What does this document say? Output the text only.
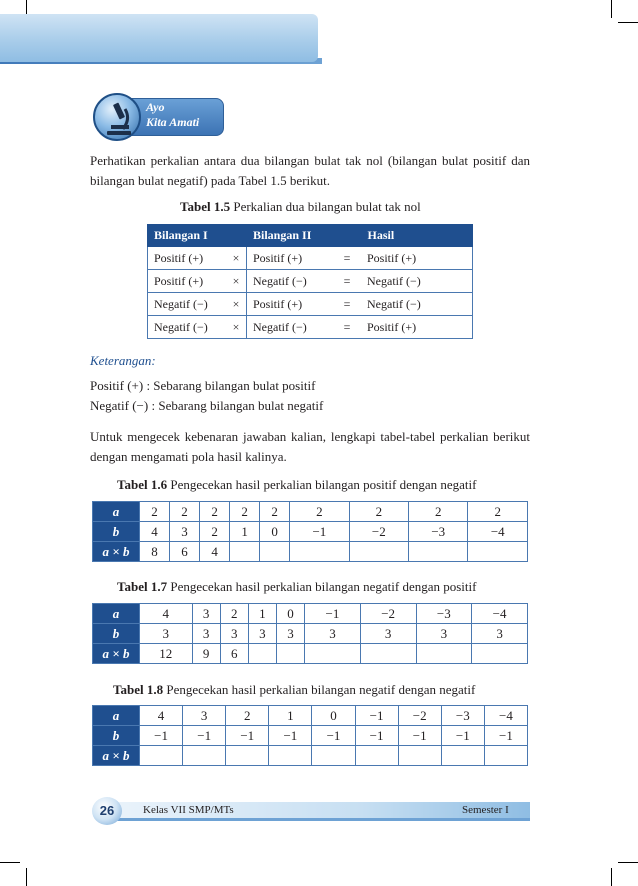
Ayo
Kita Amati
Perhatikan perkalian antara dua bilangan bulat tak nol (bilangan bulat positif dan bilangan bulat negatif) pada Tabel 1.5 berikut.
Tabel 1.5 Perkalian dua bilangan bulat tak nol
Bilangan I		Bilangan II		Hasil
Positif (+)	×	Positif (+)	=	Positif (+)
Positif (+)	×	Negatif (−)	=	Negatif (−)
Negatif (−)	×	Positif (+)	=	Negatif (−)
Negatif (−)	×	Negatif (−)	=	Positif (+)
Keterangan:
Positif (+) : Sebarang bilangan bulat positif
Negatif (−) : Sebarang bilangan bulat negatif
Untuk mengecek kebenaran jawaban kalian, lengkapi tabel-tabel perkalian berikut dengan mengamati pola hasil kalinya.
Tabel 1.6 Pengecekan hasil perkalian bilangan positif dengan negatif
a	2	2	2	2	2	2	2	2	2
b	4	3	2	1	0	−1	−2	−3	−4
a × b	8	6	4						
Tabel 1.7 Pengecekan hasil perkalian bilangan negatif dengan positif
a	4	3	2	1	0	−1	−2	−3	−4
b	3	3	3	3	3	3	3	3	3
a × b	12	9	6						
Tabel 1.8 Pengecekan hasil perkalian bilangan negatif dengan negatif
a	4	3	2	1	0	−1	−2	−3	−4
b	−1	−1	−1	−1	−1	−1	−1	−1	−1
a × b									
26	Kelas VII SMP/MTs	Semester I
